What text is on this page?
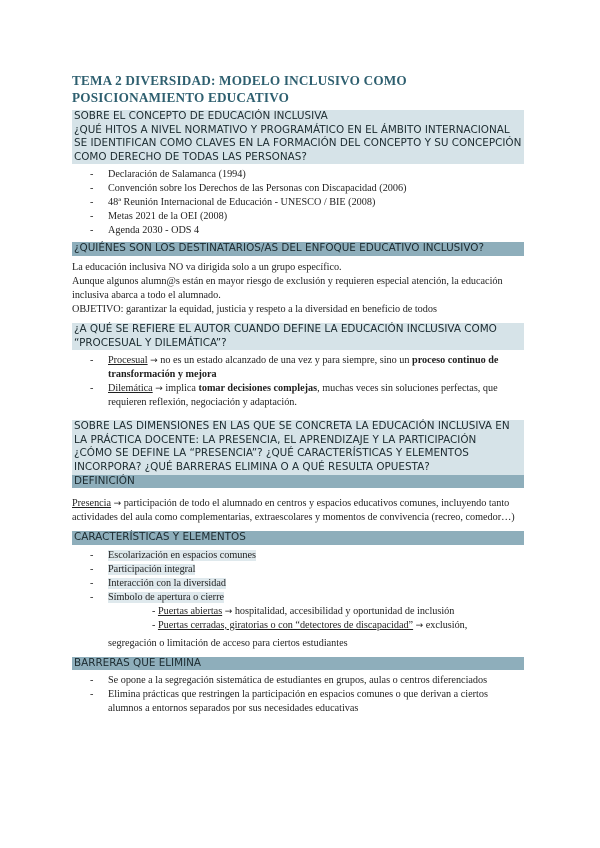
TEMA 2 DIVERSIDAD: MODELO INCLUSIVO COMO POSICIONAMIENTO EDUCATIVO
SOBRE EL CONCEPTO DE EDUCACIÓN INCLUSIVA
¿QUÉ HITOS A NIVEL NORMATIVO Y PROGRAMÁTICO EN EL ÁMBITO INTERNACIONAL SE IDENTIFICAN COMO CLAVES EN LA FORMACIÓN DEL CONCEPTO Y SU CONCEPCIÓN COMO DERECHO DE TODAS LAS PERSONAS?
- Declaración de Salamanca (1994)
- Convención sobre los Derechos de las Personas con Discapacidad (2006)
- 48ª Reunión Internacional de Educación - UNESCO / BIE (2008)
- Metas 2021 de la OEI (2008)
- Agenda 2030 - ODS 4
¿QUIÉNES SON LOS DESTINATARIOS/AS DEL ENFOQUE EDUCATIVO INCLUSIVO?

La educación inclusiva NO va dirigida solo a un grupo específico.

Aunque algunos alumn@s están en mayor riesgo de exclusión y requieren especial atención, la educación inclusiva abarca a todo el alumnado.

OBJETIVO: garantizar la equidad, justicia y respeto a la diversidad en beneficio de todos

¿A QUÉ SE REFIERE EL AUTOR CUANDO DEFINE LA EDUCACIÓN INCLUSIVA COMO “PROCESUAL Y DILEMÁTICA”?
- Procesual → no es un estado alcanzado de una vez y para siempre, sino un proceso continuo de transformación y mejora
- Dilemática → implica tomar decisiones complejas, muchas veces sin soluciones perfectas, que requieren reflexión, negociación y adaptación.
SOBRE LAS DIMENSIONES EN LAS QUE SE CONCRETA LA EDUCACIÓN INCLUSIVA EN LA PRÁCTICA DOCENTE: LA PRESENCIA, EL APRENDIZAJE Y LA PARTICIPACIÓN
¿CÓMO SE DEFINE LA “PRESENCIA”? ¿QUÉ CARACTERÍSTICAS Y ELEMENTOS INCORPORA? ¿QUÉ BARRERAS ELIMINA O A QUÉ RESULTA OPUESTA?
DEFINICIÓN

Presencia → participación de todo el alumnado en centros y espacios educativos comunes, incluyendo tanto actividades del aula como complementarias, extraescolares y momentos de convivencia (recreo, comedor…)

CARACTERÍSTICAS Y ELEMENTOS
- Escolarización en espacios comunes
- Participación integral
- Interacción con la diversidad
- Símbolo de apertura o cierre
- Puertas abiertas → hospitalidad, accesibilidad y oportunidad de inclusión
- Puertas cerradas, giratorias o con “detectores de discapacidad” → exclusión,
segregación o limitación de acceso para ciertos estudiantes
BARRERAS QUE ELIMINA
- Se opone a la segregación sistemática de estudiantes en grupos, aulas o centros diferenciados
- Elimina prácticas que restringen la participación en espacios comunes o que derivan a ciertos alumnos a entornos separados por sus necesidades educativas
